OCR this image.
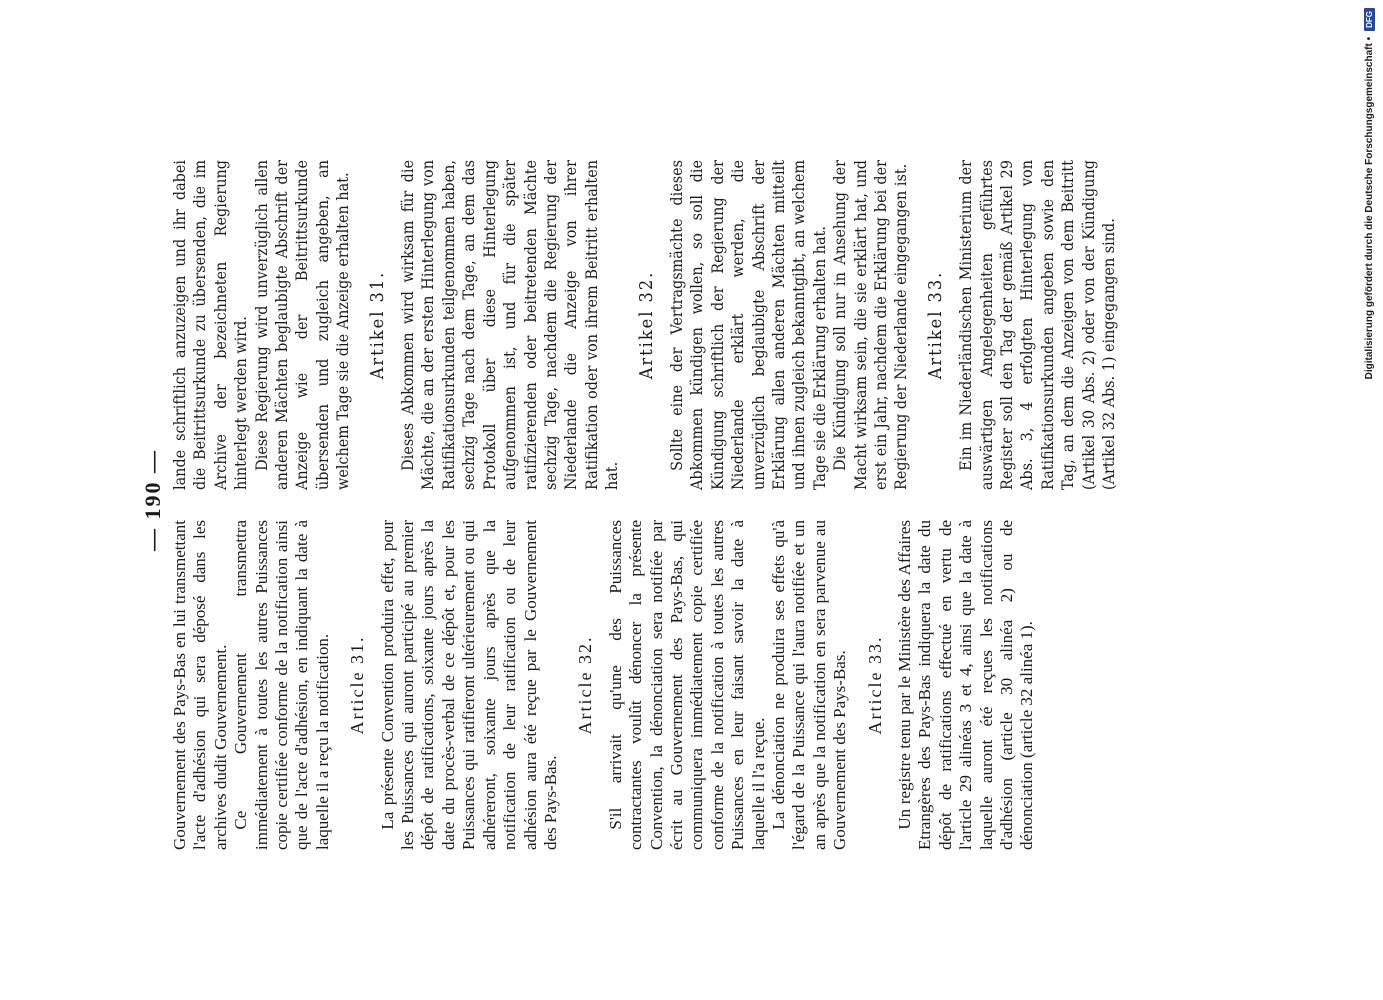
— 190 —

Gouvernement des Pays-Bas en lui transmettant l'acte d'adhésion qui sera déposé dans les archives dudit Gouvernement. Ce Gouvernement transmettra immédiatement à toutes les autres Puissances copie certifiée conforme de la notification ainsi que de l'acte d'adhésion, en indiquant la date à laquelle il a reçu la notification. Article 31. La présente Convention produira effet, pour les Puissances qui auront participé au premier dépôt de ratifications, soixante jours après la date du procès-verbal de ce dépôt et, pour les Puissances qui ratifieront ultérieurement ou qui adhéreront, soixante jours après que la notification de leur ratification ou de leur adhésion aura été reçue par le Gouvernement des Pays-Bas.

Article 32. S'il arrivait qu'une des Puissances contractantes voulût dénoncer la présente Convention, la dénonciation sera notifiée par écrit au Gouvernement des Pays-Bas, qui communiquera immédiatement copie certifiée conforme de la notification à toutes les autres Puissances en leur faisant savoir la date à laquelle il l'a reçue. La dénonciation ne produira ses effets qu'à l'égard de la Puissance qui l'aura notifiée et un an après que la notification en sera parvenue au Gouvernement des Pays-Bas. Article 33. Un registre tenu par le Ministère des Affaires Etrangères des Pays-Bas indiquera la date du dépôt de ratifications effectué en vertu de l'article 29 alinéas 3 et 4, ainsi que la date à laquelle auront été reçues les notifications d'adhésion (article 30 alinéa 2) ou de dénonciation (article 32 alinéa 1).

lande schriftlich anzuzeigen und ihr dabei die Beitrittsurkunde zu übersenden, die im Archive der bezeichneten Regierung hinterlegt werden wird. Diese Regierung wird unverzüglich allen anderen Mächten beglaubigte Abschrift der Anzeige wie der Beitrittsurkunde übersenden und zugleich angeben, an welchem Tage sie die Anzeige erhalten hat. Artikel 31. Dieses Abkommen wird wirksam für die Mächte, die an der ersten Hinterlegung von Ratifikationsurkunden teilgenommen haben, sechzig Tage nach dem Tage, an dem das Protokoll über diese Hinterlegung aufgenommen ist, und für die später ratifizierenden oder beitretenden Mächte sechzig Tage, nachdem die Regierung der Niederlande die Anzeige von ihrer Ratifikation oder von ihrem Beitritt erhalten hat.

Artikel 32. Sollte eine der Vertragsmächte dieses Abkommen kündigen wollen, so soll die Kündigung schriftlich der Regierung der Niederlande erklärt werden, die unverzüglich beglaubigte Abschrift der Erklärung allen anderen Mächten mitteilt und ihnen zugleich bekanntgibt, an welchem Tage sie die Erklärung erhalten hat. Die Kündigung soll nur in Ansehung der Macht wirksam sein, die sie erklärt hat, und erst ein Jahr, nachdem die Erklärung bei der Regierung der Niederlande eingegangen ist. Artikel 33. Ein im Niederländischen Ministerium der auswärtigen Angelegenheiten geführtes Register soll den Tag der gemäß Artikel 29 Abs. 3, 4 erfolgten Hinterlegung von Ratifikationsurkunden angeben sowie den Tag, an dem die Anzeigen von dem Beitritt (Artikel 30 Abs. 2) oder von der Kündigung (Artikel 32 Abs. 1) eingegangen sind.	Digitalisierung gefördert durch die Deutsche Forschungsgemeinschaft •
DFG
